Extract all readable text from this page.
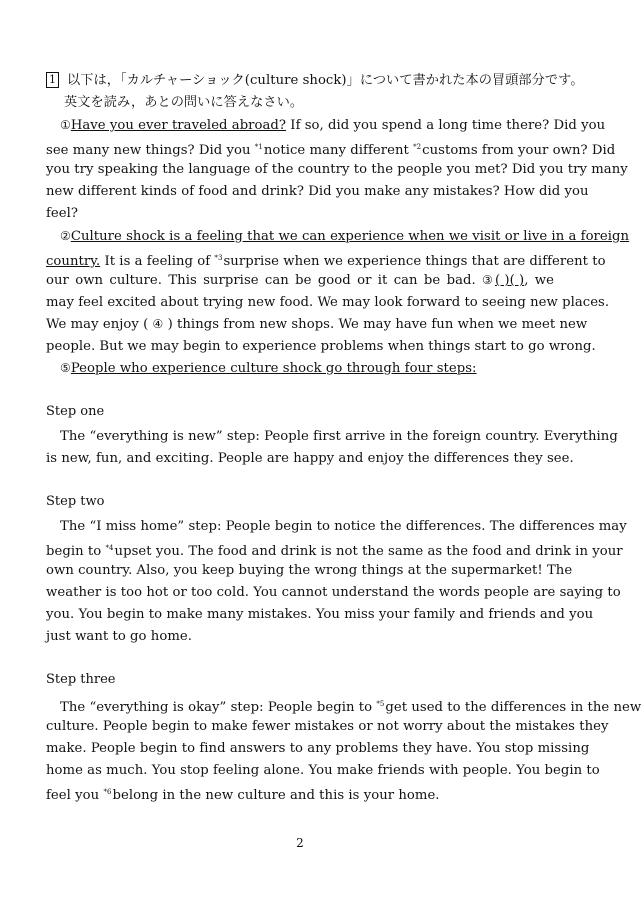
1 以下は，「カルチャーショック(culture shock)」について書かれた本の冒頭部分です。
英文を読み，あとの問いに答えなさい。
①Have you ever traveled abroad? If so, did you spend a long time there? Did you
see many new things? Did you $^{*1}$notice many different $^{*2}$customs from your own? Did
you try speaking the language of the country to the people you met? Did you try many
new different kinds of food and drink? Did you make any mistakes? How did you
feel?
②Culture shock is a feeling that we can experience when we visit or live in a foreign
country. It is a feeling of $^{*3}$surprise when we experience things that are different to
our own culture. This surprise can be good or it can be bad. ③( )( ), we
may feel excited about trying new food. We may look forward to seeing new places.
We may enjoy ( ④ ) things from new shops. We may have fun when we meet new
people. But we may begin to experience problems when things start to go wrong.
⑤People who experience culture shock go through four steps:
Step one
The “everything is new” step: People first arrive in the foreign country. Everything
is new, fun, and exciting. People are happy and enjoy the differences they see.
Step two
The “I miss home” step: People begin to notice the differences. The differences may
begin to $^{*4}$upset you. The food and drink is not the same as the food and drink in your
own country. Also, you keep buying the wrong things at the supermarket! The
weather is too hot or too cold. You cannot understand the words people are saying to
you. You begin to make many mistakes. You miss your family and friends and you
just want to go home.
Step three
The “everything is okay” step: People begin to $^{*5}$get used to the differences in the new
culture. People begin to make fewer mistakes or not worry about the mistakes they
make. People begin to find answers to any problems they have. You stop missing
home as much. You stop feeling alone. You make friends with people. You begin to
feel you $^{*6}$belong in the new culture and this is your home.
2
